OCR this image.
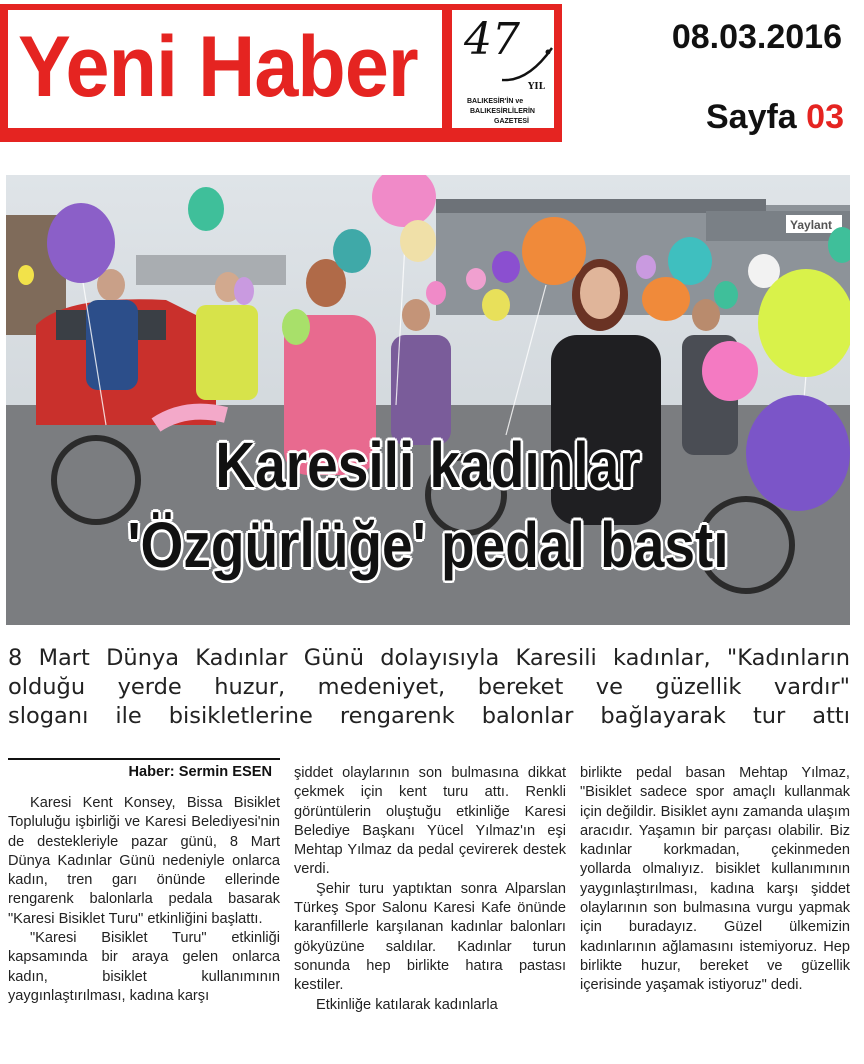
Yeni Haber 47
YIL
BALIKESİR'İN ve
BALIKESİRLİLERİN
GAZETESİ
08.03.2016
Sayfa 03
Yaylant
Karesili kadınlar
'Özgürlüğe' pedal bastı
8 Mart Dünya Kadınlar Günü dolayısıyla Karesili kadınlar, "Kadınların
olduğu yerde huzur, medeniyet, bereket ve güzellik vardır"
sloganı ile bisikletlerine rengarenk balonlar bağlayarak tur attı
Haber: Sermin ESEN

Karesi Kent Konsey, Bissa Bisiklet Topluluğu işbirliği ve Karesi Belediyesi'nin de destekleriyle pazar günü, 8 Mart Dünya Kadınlar Günü nedeniyle onlarca kadın, tren garı önünde ellerinde rengarenk balonlarla pedala basarak "Karesi Bisiklet Turu" etkinliğini başlattı.

"Karesi Bisiklet Turu" etkinliği kapsamında bir araya gelen onlarca kadın, bisiklet kullanımının yaygınlaştırılması, kadına karşı

şiddet olaylarının son bulmasına dikkat çekmek için kent turu attı. Renkli görüntülerin oluştuğu etkinliğe Karesi Belediye Başkanı Yücel Yılmaz'ın eşi Mehtap Yılmaz da pedal çevirerek destek verdi.

Şehir turu yaptıktan sonra Alparslan Türkeş Spor Salonu Karesi Kafe önünde karanfillerle karşılanan kadınlar balonları gökyüzüne saldılar. Kadınlar turun sonunda hep birlikte hatıra pastası kestiler.

Etkinliğe katılarak kadınlarla

birlikte pedal basan Mehtap Yılmaz, "Bisiklet sadece spor amaçlı kullanmak için değildir. Bisiklet aynı zamanda ulaşım aracıdır. Yaşamın bir parçası olabilir. Biz kadınlar korkmadan, çekinmeden yollarda olmalıyız. bisiklet kullanımının yaygınlaştırılması, kadına karşı şiddet olaylarının son bulmasına vurgu yapmak için buradayız. Güzel ülkemizin kadınlarının ağlamasını istemiyoruz. Hep birlikte huzur, bereket ve güzellik içerisinde yaşamak istiyoruz" dedi.
